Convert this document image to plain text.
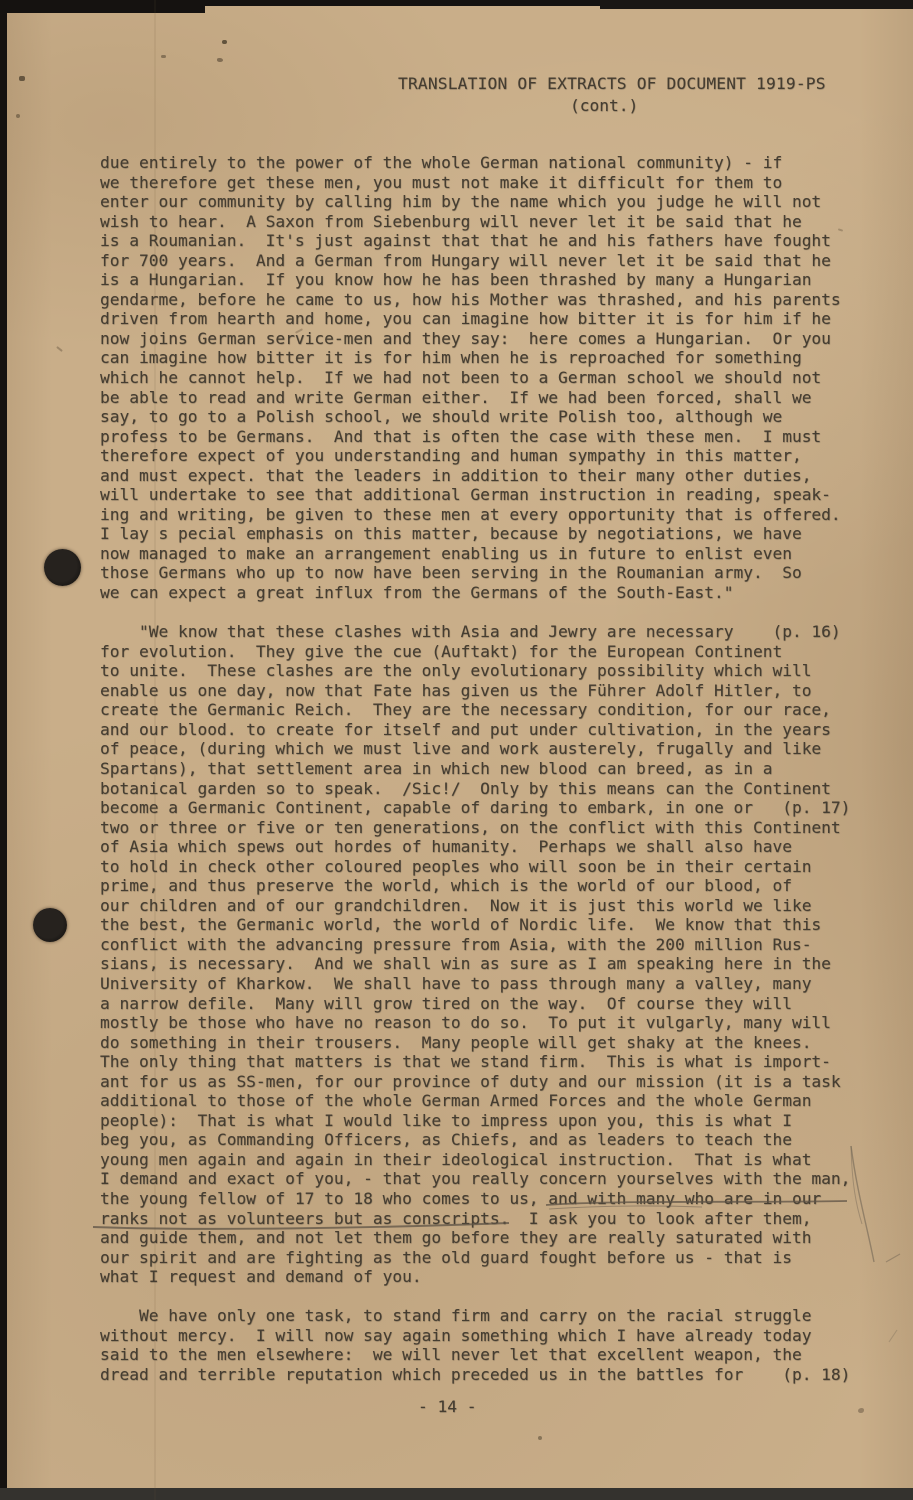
TRANSLATION OF EXTRACTS OF DOCUMENT 1919-PS
(cont.)
due entirely to the power of the whole German national community) - if
we therefore get these men, you must not make it difficult for them to
enter our community by calling him by the name which you judge he will not
wish to hear.  A Saxon from Siebenburg will never let it be said that he
is a Roumanian.  It's just against that that he and his fathers have fought
for 700 years.  And a German from Hungary will never let it be said that he
is a Hungarian.  If you know how he has been thrashed by many a Hungarian
gendarme, before he came to us, how his Mother was thrashed, and his parents
driven from hearth and home, you can imagine how bitter it is for him if he
now joins German service-men and they say:  here comes a Hungarian.  Or you
can imagine how bitter it is for him when he is reproached for something
which he cannot help.  If we had not been to a German school we should not
be able to read and write German either.  If we had been forced, shall we
say, to go to a Polish school, we should write Polish too, although we
profess to be Germans.  And that is often the case with these men.  I must
therefore expect of you understanding and human sympathy in this matter,
and must expect. that the leaders in addition to their many other duties,
will undertake to see that additional German instruction in reading, speak-
ing and writing, be given to these men at every opportunity that is offered.
I lay s pecial emphasis on this matter, because by negotiations, we have
now managed to make an arrangement enabling us in future to enlist even
those Germans who up to now have been serving in the Roumanian army.  So
we can expect a great influx from the Germans of the South-East."
"We know that these clashes with Asia and Jewry are necessary    (p. 16)
for evolution.  They give the cue (Auftakt) for the European Continent
to unite.  These clashes are the only evolutionary possibility which will
enable us one day, now that Fate has given us the Führer Adolf Hitler, to
create the Germanic Reich.  They are the necessary condition, for our race,
and our blood. to create for itself and put under cultivation, in the years
of peace, (during which we must live and work austerely, frugally and like
Spartans), that settlement area in which new blood can breed, as in a
botanical garden so to speak.  /Sic!/  Only by this means can the Continent
become a Germanic Continent, capable of daring to embark, in one or   (p. 17)
two or three or five or ten generations, on the conflict with this Continent
of Asia which spews out hordes of humanity.  Perhaps we shall also have
to hold in check other coloured peoples who will soon be in their certain
prime, and thus preserve the world, which is the world of our blood, of
our children and of our grandchildren.  Now it is just this world we like
the best, the Germanic world, the world of Nordic life.  We know that this
conflict with the advancing pressure from Asia, with the 200 million Rus-
sians, is necessary.  And we shall win as sure as I am speaking here in the
University of Kharkow.  We shall have to pass through many a valley, many
a narrow defile.  Many will grow tired on the way.  Of course they will
mostly be those who have no reason to do so.  To put it vulgarly, many will
do something in their trousers.  Many people will get shaky at the knees.
The only thing that matters is that we stand firm.  This is what is import-
ant for us as SS-men, for our province of duty and our mission (it is a task
additional to those of the whole German Armed Forces and the whole German
people):  That is what I would like to impress upon you, this is what I
beg you, as Commanding Officers, as Chiefs, and as leaders to teach the
young men again and again in their ideological instruction.  That is what
I demand and exact of you, - that you really concern yourselves with the man,
the young fellow of 17 to 18 who comes to us, and with many who are in our
ranks not as volunteers but as conscripts.  I ask you to look after them,
and guide them, and not let them go before they are really saturated with
our spirit and are fighting as the old guard fought before us - that is
what I request and demand of you.
We have only one task, to stand firm and carry on the racial struggle
without mercy.  I will now say again something which I have already today
said to the men elsewhere:  we will never let that excellent weapon, the
dread and terrible reputation which preceded us in the battles for    (p. 18)
- 14 -
